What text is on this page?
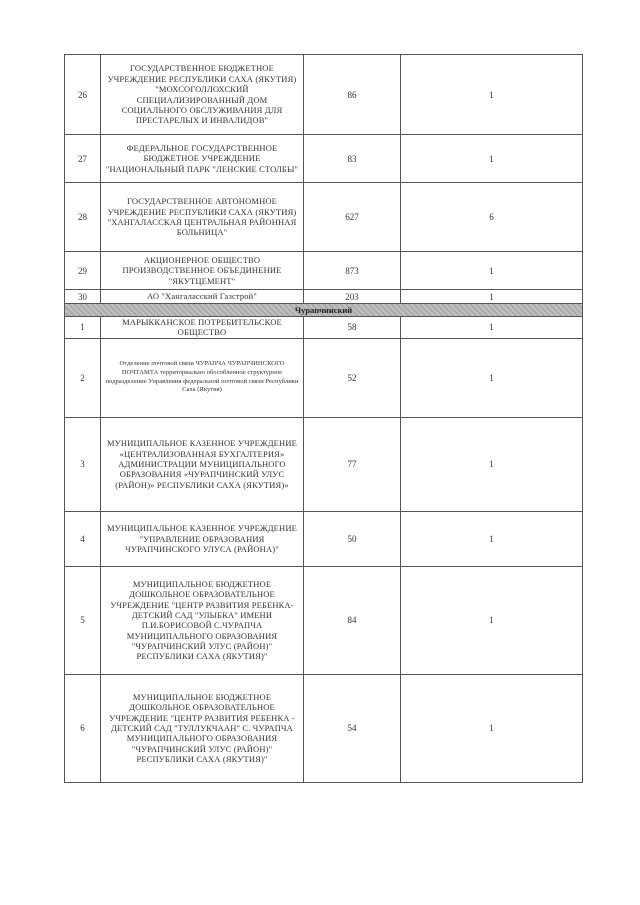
26	ГОСУДАРСТВЕННОЕ БЮДЖЕТНОЕ УЧРЕЖДЕНИЕ РЕСПУБЛИКИ САХА (ЯКУТИЯ) "МОХСОГОЛЛОХСКИЙ СПЕЦИАЛИЗИРОВАННЫЙ ДОМ СОЦИАЛЬНОГО ОБСЛУЖИВАНИЯ ДЛЯ ПРЕСТАРЕЛЫХ И ИНВАЛИДОВ"	86	1
27	ФЕДЕРАЛЬНОЕ ГОСУДАРСТВЕННОЕ БЮДЖЕТНОЕ УЧРЕЖДЕНИЕ "НАЦИОНАЛЬНЫЙ ПАРК "ЛЕНСКИЕ СТОЛБЫ"	83	1
28	ГОСУДАРСТВЕННОЕ АВТОНОМНОЕ УЧРЕЖДЕНИЕ РЕСПУБЛИКИ САХА (ЯКУТИЯ) "ХАНГАЛАССКАЯ ЦЕНТРАЛЬНАЯ РАЙОННАЯ БОЛЬНИЦА"	627	6
29	АКЦИОНЕРНОЕ ОБЩЕСТВО ПРОИЗВОДСТВЕННОЕ ОБЪЕДИНЕНИЕ "ЯКУТЦЕМЕНТ"	873	1
30	АО "Хангаласский Газстрой"	203	1
Чурапчинский			
1	МАРЫККАНСКОЕ ПОТРЕБИТЕЛЬСКОЕ ОБЩЕСТВО	58	1
2	Отделение почтовой связи ЧУРАПЧА ЧУРАПЧИНСКОГО ПОЧТАМТА территориально обособленное структурное подразделение Управления федеральной почтовой связи Республики Саха (Якутия)	52	1
3	МУНИЦИПАЛЬНОЕ КАЗЕННОЕ УЧРЕЖДЕНИЕ «ЦЕНТРАЛИЗОВАННАЯ БУХГАЛТЕРИЯ» АДМИНИСТРАЦИИ МУНИЦИПАЛЬНОГО ОБРАЗОВАНИЯ «ЧУРАПЧИНСКИЙ УЛУС (РАЙОН)» РЕСПУБЛИКИ САХА (ЯКУТИЯ)»	77	1
4	МУНИЦИПАЛЬНОЕ КАЗЕННОЕ УЧРЕЖДЕНИЕ "УПРАВЛЕНИЕ ОБРАЗОВАНИЯ ЧУРАПЧИНСКОГО УЛУСА (РАЙОНА)"	50	1
5	МУНИЦИПАЛЬНОЕ БЮДЖЕТНОЕ ДОШКОЛЬНОЕ ОБРАЗОВАТЕЛЬНОЕ УЧРЕЖДЕНИЕ "ЦЕНТР РАЗВИТИЯ РЕБЕНКА-ДЕТСКИЙ САД "УЛЫБКА" ИМЕНИ П.И.БОРИСОВОЙ С.ЧУРАПЧА МУНИЦИПАЛЬНОГО ОБРАЗОВАНИЯ "ЧУРАПЧИНСКИЙ УЛУС (РАЙОН)" РЕСПУБЛИКИ САХА (ЯКУТИЯ)"	84	1
6	МУНИЦИПАЛЬНОЕ БЮДЖЕТНОЕ ДОШКОЛЬНОЕ ОБРАЗОВАТЕЛЬНОЕ УЧРЕЖДЕНИЕ "ЦЕНТР РАЗВИТИЯ РЕБЕНКА - ДЕТСКИЙ САД "ТУЛЛУКЧААН" С. ЧУРАПЧА МУНИЦИПАЛЬНОГО ОБРАЗОВАНИЯ "ЧУРАПЧИНСКИЙ УЛУС (РАЙОН)" РЕСПУБЛИКИ САХА (ЯКУТИЯ)"	54	1
